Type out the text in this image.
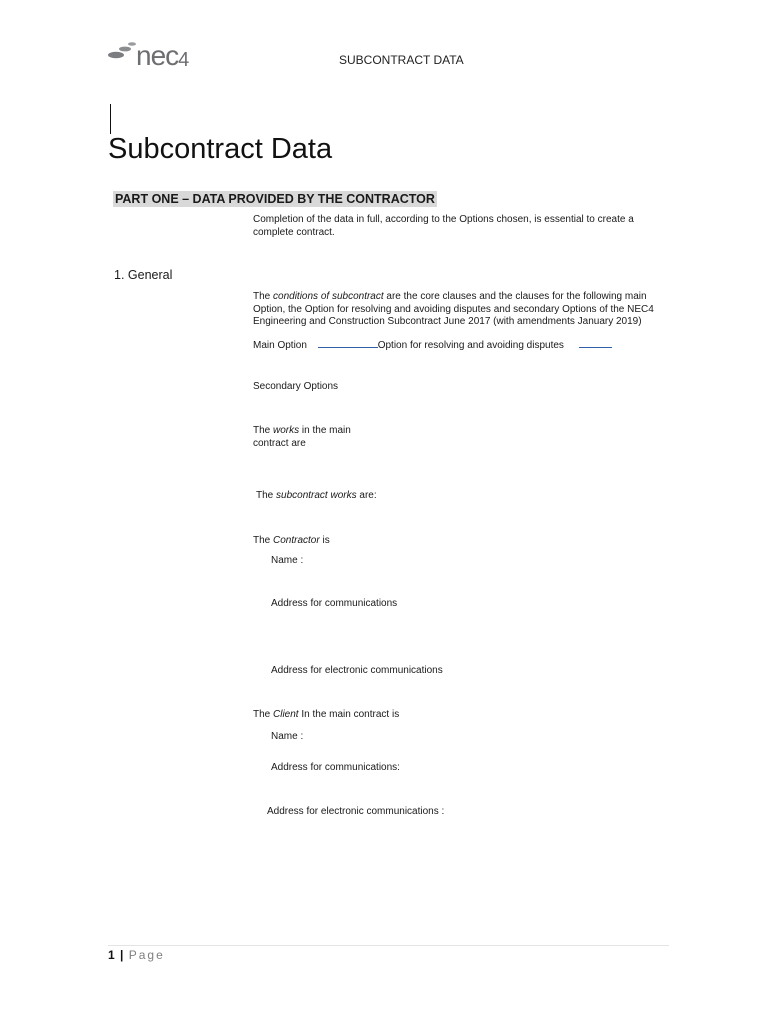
nec$_4$	SUBCONTRACT DATA
Subcontract Data
PART ONE – DATA PROVIDED BY THE CONTRACTOR
Completion of the data in full, according to the Options chosen, is essential to create a complete contract.
1. General
The conditions of subcontract are the core clauses and the clauses for the following main Option, the Option for resolving and avoiding disputes and secondary Options of the NEC4 Engineering and Construction Subcontract June 2017 (with amendments January 2019)
Main Option	Option for resolving and avoiding disputes
Secondary Options
The works in the main contract are
The subcontract works are:
The Contractor is
Name :
Address for communications
Address for electronic communications
The Client In the main contract is
Name :
Address for communications:
Address for electronic communications :
1 | Page
